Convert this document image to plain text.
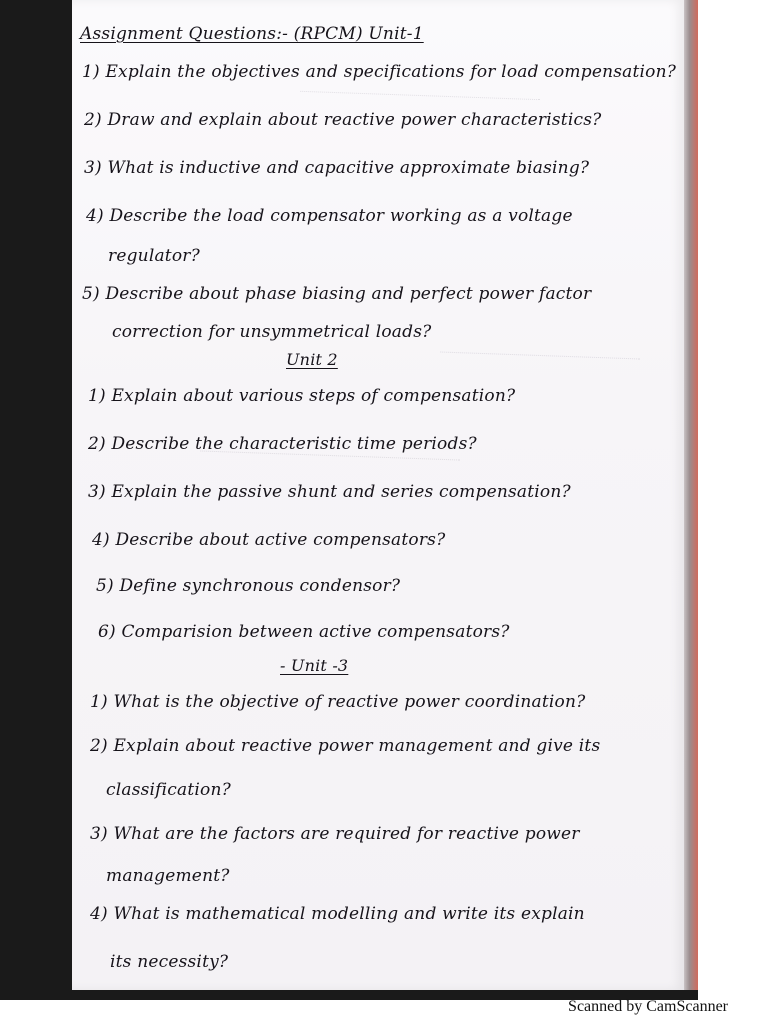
Assignment Questions:- (RPCM) Unit-1
1) Explain the objectives and specifications for load compensation?
2) Draw and explain about reactive power characteristics?
3) What is inductive and capacitive approximate biasing?
4) Describe the load compensator working as a voltage
regulator?
5) Describe about phase biasing and perfect power factor
correction for unsymmetrical loads?
Unit 2
1) Explain about various steps of compensation?
2) Describe the characteristic time periods?
3) Explain the passive shunt and series compensation?
4) Describe about active compensators?
5) Define synchronous condensor?
6) Comparision between active compensators?
- Unit -3
1) What is the objective of reactive power coordination?
2) Explain about reactive power management and give its
classification?
3) What are the factors are required for reactive power
management?
4) What is mathematical modelling and write its explain
its necessity?
Scanned by CamScanner
